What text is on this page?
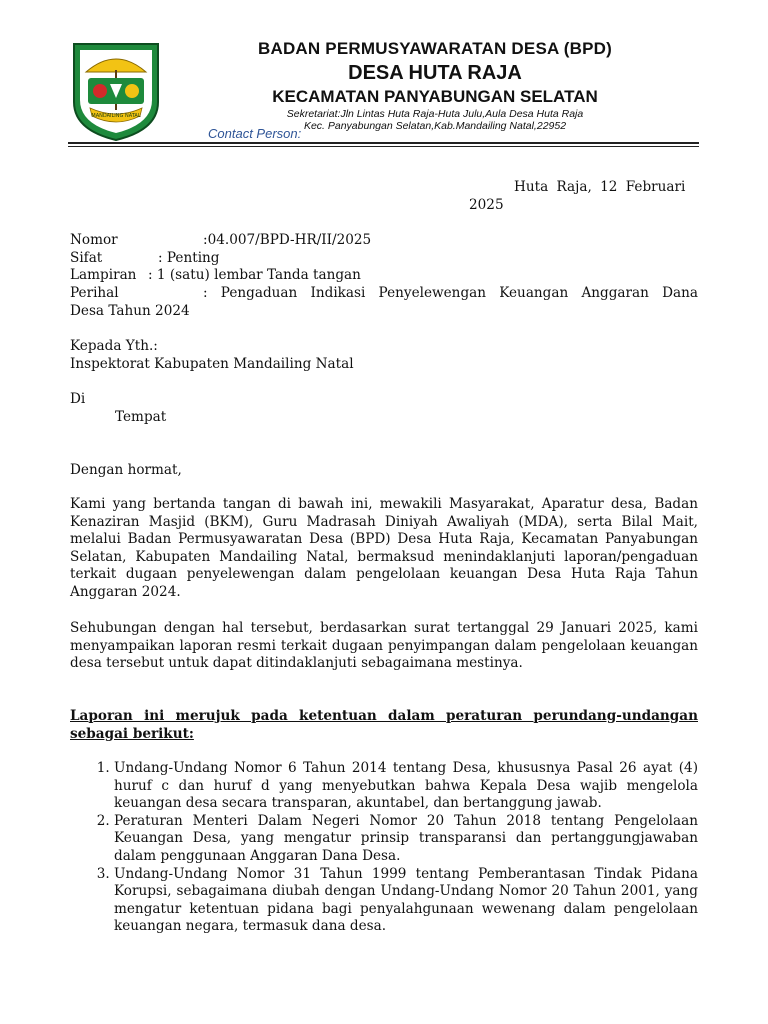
MANDAILING NATAL
BADAN PERMUSYAWARATAN DESA (BPD)
DESA HUTA RAJA
KECAMATAN PANYABUNGAN SELATAN
Sekretariat:Jln Lintas Huta Raja-Huta Julu,Aula Desa Huta Raja
Kec. Panyabungan Selatan,Kab.Mandailing Natal,22952
Contact Person:
Huta Raja, 12 Februari
2025
Nomor	:04.007/BPD-HR/II/2025
Sifat	: Penting
Lampiran : 1 (satu) lembar Tanda tangan
Perihal	: Pengaduan Indikasi Penyelewengan Keuangan Anggaran Dana
Desa Tahun 2024
Kepada Yth.:
Inspektorat Kabupaten Mandailing Natal
Di
Tempat
Dengan hormat,
Kami yang bertanda tangan di bawah ini, mewakili Masyarakat, Aparatur desa, Badan Kenaziran Masjid (BKM), Guru Madrasah Diniyah Awaliyah (MDA), serta Bilal Mait, melalui Badan Permusyawaratan Desa (BPD) Desa Huta Raja, Kecamatan Panyabungan Selatan, Kabupaten Mandailing Natal, bermaksud menindaklanjuti laporan/pengaduan terkait dugaan penyelewengan dalam pengelolaan keuangan Desa Huta Raja Tahun Anggaran 2024.
Sehubungan dengan hal tersebut, berdasarkan surat tertanggal 29 Januari 2025, kami menyampaikan laporan resmi terkait dugaan penyimpangan dalam pengelolaan keuangan desa tersebut untuk dapat ditindaklanjuti sebagaimana mestinya.
Laporan ini merujuk pada ketentuan dalam peraturan perundang-undangan sebagai berikut:
1. Undang-Undang Nomor 6 Tahun 2014 tentang Desa, khususnya Pasal 26 ayat (4) huruf c dan huruf d yang menyebutkan bahwa Kepala Desa wajib mengelola keuangan desa secara transparan, akuntabel, dan bertanggung jawab.
2. Peraturan Menteri Dalam Negeri Nomor 20 Tahun 2018 tentang Pengelolaan Keuangan Desa, yang mengatur prinsip transparansi dan pertanggungjawaban dalam penggunaan Anggaran Dana Desa.
3. Undang-Undang Nomor 31 Tahun 1999 tentang Pemberantasan Tindak Pidana Korupsi, sebagaimana diubah dengan Undang-Undang Nomor 20 Tahun 2001, yang mengatur ketentuan pidana bagi penyalahgunaan wewenang dalam pengelolaan keuangan negara, termasuk dana desa.
